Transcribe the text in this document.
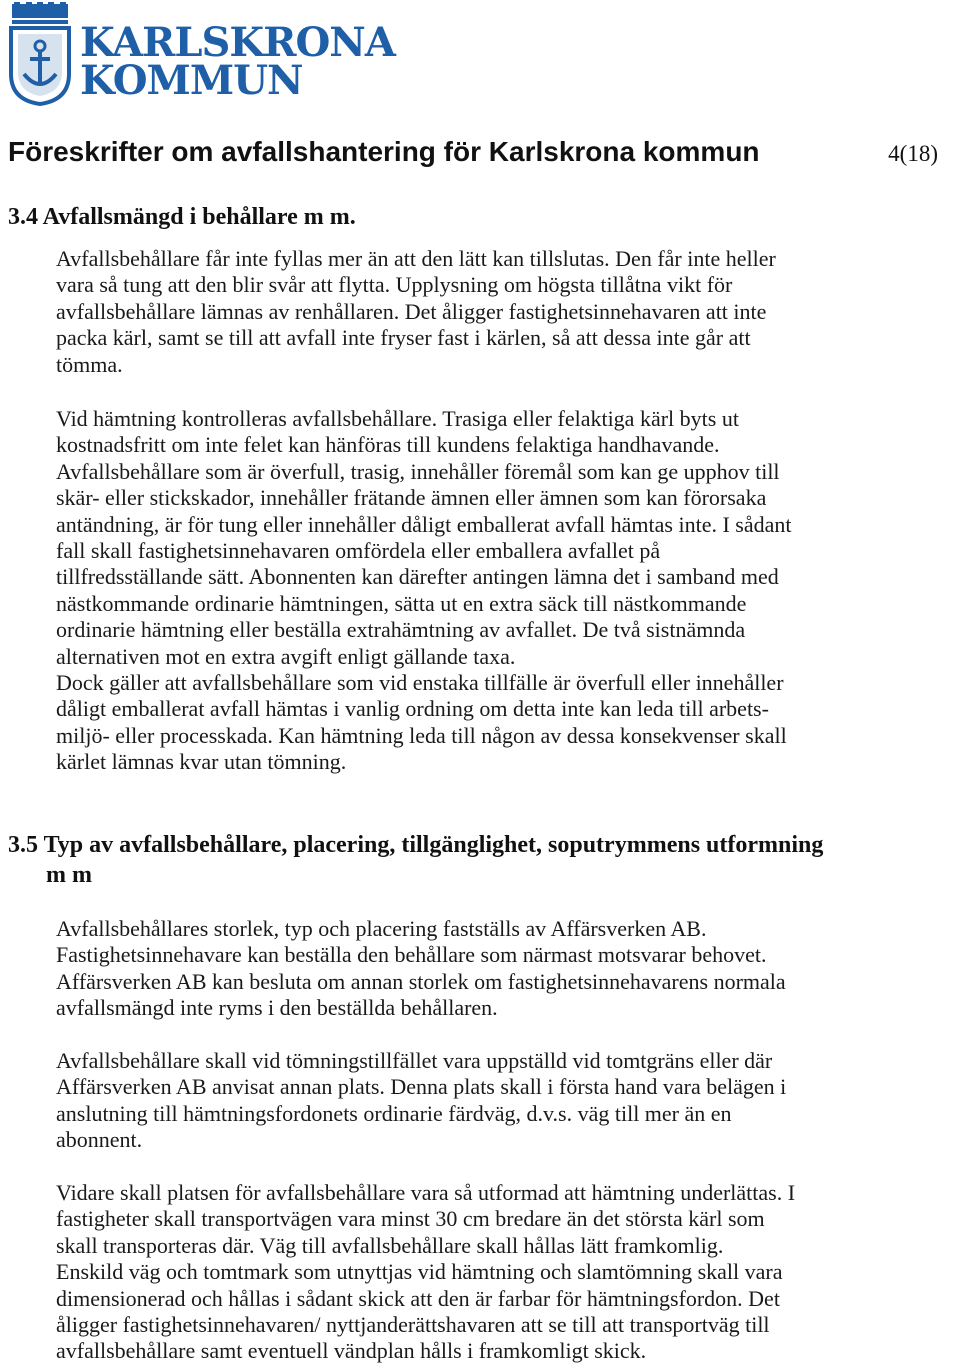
KARLSKRONA
KOMMUN
Föreskrifter om avfallshantering för Karlskrona kommun	4(18)
3.4 Avfallsmängd i behållare m m.
Avfallsbehållare får inte fyllas mer än att den lätt kan tillslutas. Den får inte heller
vara så tung att den blir svår att flytta. Upplysning om högsta tillåtna vikt för
avfallsbehållare lämnas av renhållaren. Det åligger fastighetsinnehavaren att inte
packa kärl, samt se till att avfall inte fryser fast i kärlen, så att dessa inte går att
tömma.
Vid hämtning kontrolleras avfallsbehållare. Trasiga eller felaktiga kärl byts ut
kostnadsfritt om inte felet kan hänföras till kundens felaktiga handhavande.
Avfallsbehållare som är överfull, trasig, innehåller föremål som kan ge upphov till
skär- eller stickskador, innehåller frätande ämnen eller ämnen som kan förorsaka
antändning, är för tung eller innehåller dåligt emballerat avfall hämtas inte. I sådant
fall skall fastighetsinnehavaren omfördela eller emballera avfallet på
tillfredsställande sätt. Abonnenten kan därefter antingen lämna det i samband med
nästkommande ordinarie hämtningen, sätta ut en extra säck till nästkommande
ordinarie hämtning eller beställa extrahämtning av avfallet. De två sistnämnda
alternativen mot en extra avgift enligt gällande taxa.
Dock gäller att avfallsbehållare som vid enstaka tillfälle är överfull eller innehåller
dåligt emballerat avfall hämtas i vanlig ordning om detta inte kan leda till arbets-
miljö- eller processkada. Kan hämtning leda till någon av dessa konsekvenser skall
kärlet lämnas kvar utan tömning.
3.5 Typ av avfallsbehållare, placering, tillgänglighet, soputrymmens utformning
m m
Avfallsbehållares storlek, typ och placering fastställs av Affärsverken AB.
Fastighetsinnehavare kan beställa den behållare som närmast motsvarar behovet.
Affärsverken AB kan besluta om annan storlek om fastighetsinnehavarens normala
avfallsmängd inte ryms i den beställda behållaren.
Avfallsbehållare skall vid tömningstillfället vara uppställd vid tomtgräns eller där
Affärsverken AB anvisat annan plats. Denna plats skall i första hand vara belägen i
anslutning till hämtningsfordonets ordinarie färdväg, d.v.s. väg till mer än en
abonnent.
Vidare skall platsen för avfallsbehållare vara så utformad att hämtning underlättas. I
fastigheter skall transportvägen vara minst 30 cm bredare än det största kärl som
skall transporteras där. Väg till avfallsbehållare skall hållas lätt framkomlig.
Enskild väg och tomtmark som utnyttjas vid hämtning och slamtömning skall vara
dimensionerad och hållas i sådant skick att den är farbar för hämtningsfordon. Det
åligger fastighetsinnehavaren/ nyttjanderättshavaren att se till att transportväg till
avfallsbehållare samt eventuell vändplan hålls i framkomligt skick.
